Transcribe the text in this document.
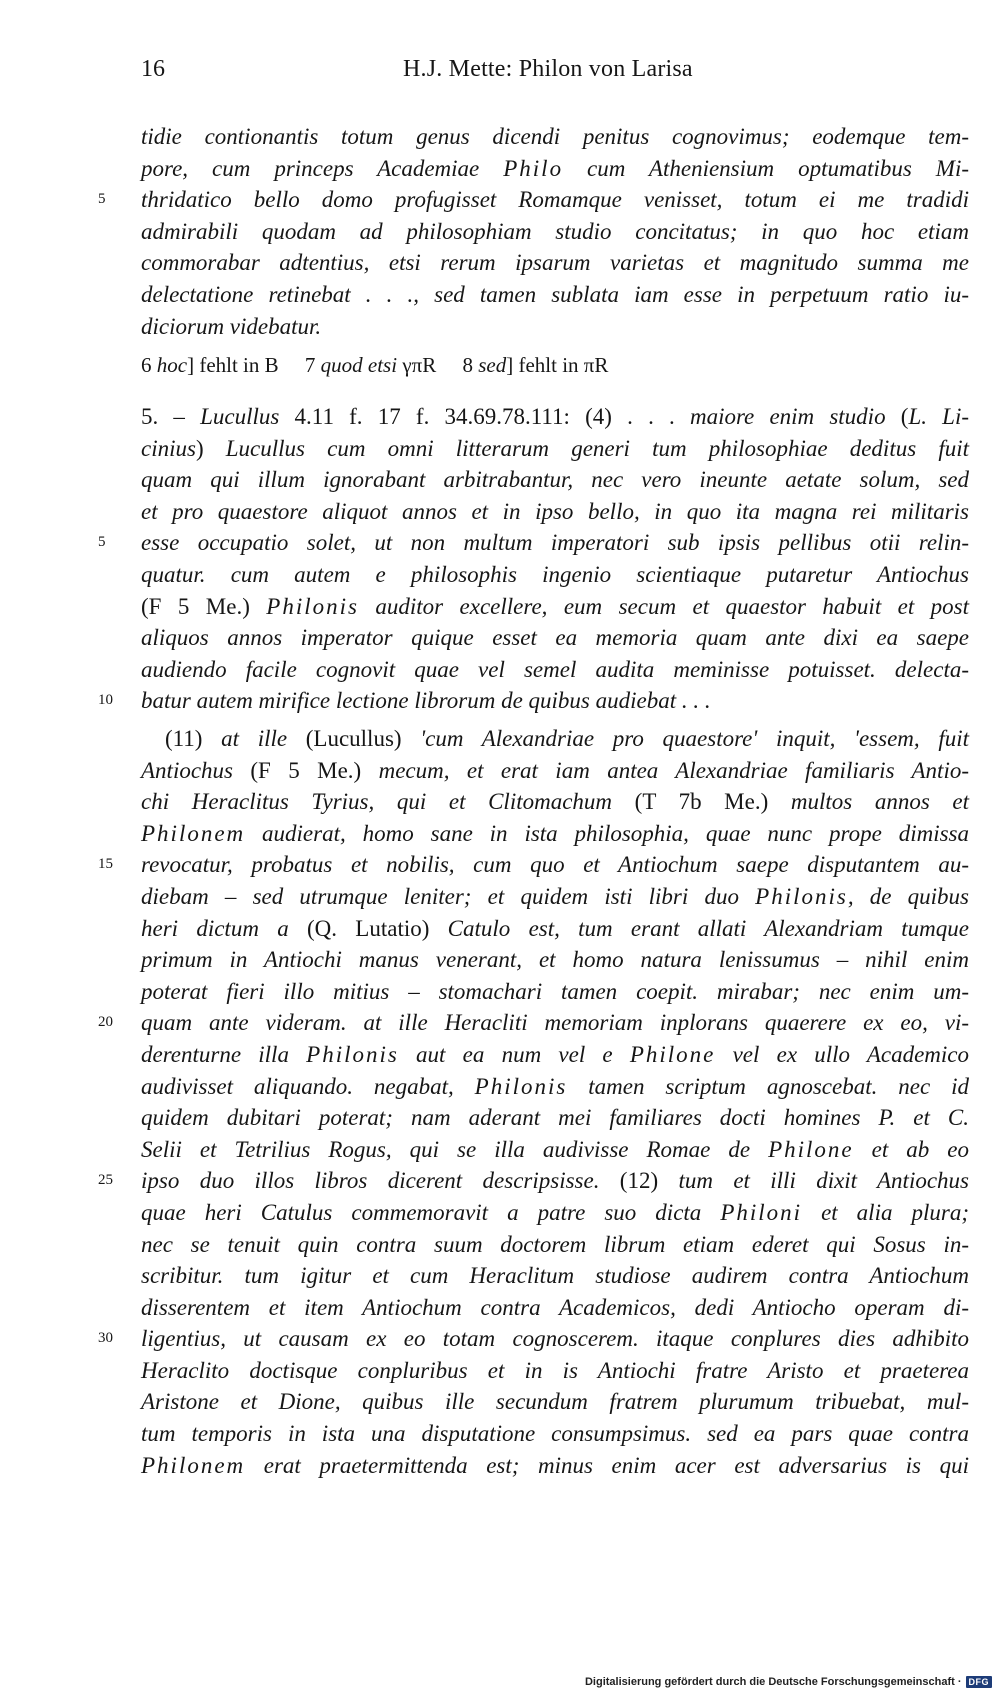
16	H.J. Mette: Philon von Larisa
tidie contionantis totum genus dicendi penitus cognovimus; eodemque tem-
pore, cum princeps Academiae Philo cum Atheniensium optumatibus Mi-
5	thridatico bello domo profugisset Romamque venisset, totum ei me tradidi
admirabili quodam ad philosophiam studio concitatus; in quo hoc etiam
commorabar adtentius, etsi rerum ipsarum varietas et magnitudo summa me
delectatione retinebat . . ., sed tamen sublata iam esse in perpetuum ratio iu-
diciorum videbatur.
6 hoc] fehlt in B     7 quod etsi γπR     8 sed] fehlt in πR
5. – Lucullus 4.11 f. 17 f. 34.69.78.111: (4) . . . maiore enim studio (L. Li-
cinius) Lucullus cum omni litterarum generi tum philosophiae deditus fuit
quam qui illum ignorabant arbitrabantur, nec vero ineunte aetate solum, sed
et pro quaestore aliquot annos et in ipso bello, in quo ita magna rei militaris
5	esse occupatio solet, ut non multum imperatori sub ipsis pellibus otii relin-
quatur. cum autem e philosophis ingenio scientiaque putaretur Antiochus
(F 5 Me.) Philonis auditor excellere, eum secum et quaestor habuit et post
aliquos annos imperator quique esset ea memoria quam ante dixi ea saepe
audiendo facile cognovit quae vel semel audita meminisse potuisset. delecta-
10	batur autem mirifice lectione librorum de quibus audiebat . . .
(11) at ille (Lucullus) 'cum Alexandriae pro quaestore' inquit, 'essem, fuit
Antiochus (F 5 Me.) mecum, et erat iam antea Alexandriae familiaris Antio-
chi Heraclitus Tyrius, qui et Clitomachum (T 7b Me.) multos annos et
Philonem audierat, homo sane in ista philosophia, quae nunc prope dimissa
15	revocatur, probatus et nobilis, cum quo et Antiochum saepe disputantem au-
diebam – sed utrumque leniter; et quidem isti libri duo Philonis, de quibus
heri dictum a (Q. Lutatio) Catulo est, tum erant allati Alexandriam tumque
primum in Antiochi manus venerant, et homo natura lenissumus – nihil enim
poterat fieri illo mitius – stomachari tamen coepit. mirabar; nec enim um-
20	quam ante videram. at ille Heracliti memoriam inplorans quaerere ex eo, vi-
derenturne illa Philonis aut ea num vel e Philone vel ex ullo Academico
audivisset aliquando. negabat, Philonis tamen scriptum agnoscebat. nec id
quidem dubitari poterat; nam aderant mei familiares docti homines P. et C.
Selii et Tetrilius Rogus, qui se illa audivisse Romae de Philone et ab eo
25	ipso duo illos libros dicerent descripsisse. (12) tum et illi dixit Antiochus
quae heri Catulus commemoravit a patre suo dicta Philoni et alia plura;
nec se tenuit quin contra suum doctorem librum etiam ederet qui Sosus in-
scribitur. tum igitur et cum Heraclitum studiose audirem contra Antiochum
disserentem et item Antiochum contra Academicos, dedi Antiocho operam di-
30	ligentius, ut causam ex eo totam cognoscerem. itaque conplures dies adhibito
Heraclito doctisque conpluribus et in is Antiochi fratre Aristo et praeterea
Aristone et Dione, quibus ille secundum fratrem plurumum tribuebat, mul-
tum temporis in ista una disputatione consumpsimus. sed ea pars quae contra
Philonem erat praetermittenda est; minus enim acer est adversarius is qui
Digitalisierung gefördert durch die Deutsche Forschungsgemeinschaft · DFG
